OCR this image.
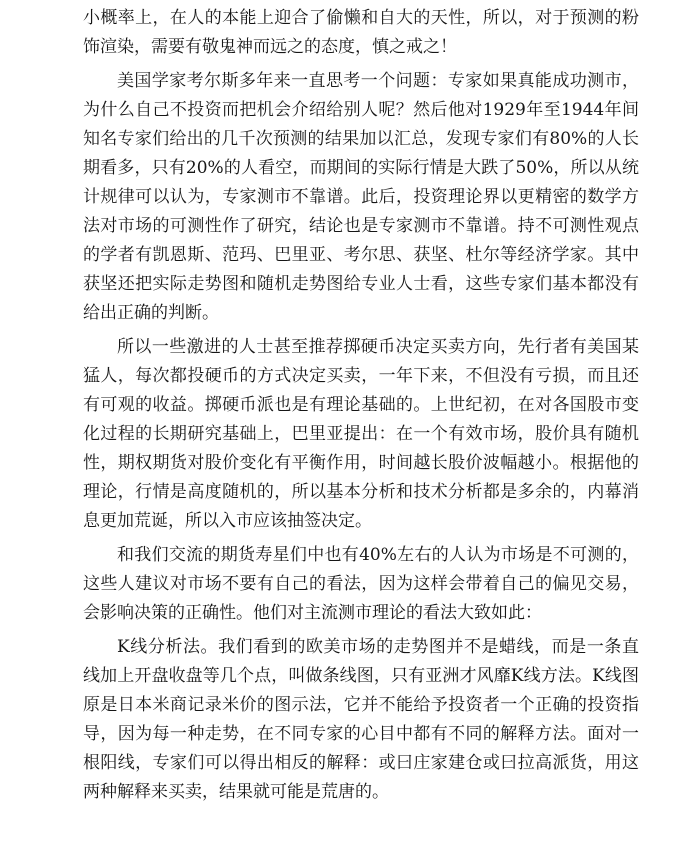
小概率上，在人的本能上迎合了偷懒和自大的天性，所以，对于预测的粉饰渲染，需要有敬鬼神而远之的态度，慎之戒之！

美国学家考尔斯多年来一直思考一个问题：专家如果真能成功测市，为什么自己不投资而把机会介绍给别人呢？然后他对1929年至1944年间知名专家们给出的几千次预测的结果加以汇总，发现专家们有80%的人长期看多，只有20%的人看空，而期间的实际行情是大跌了50%，所以从统计规律可以认为，专家测市不靠谱。此后，投资理论界以更精密的数学方法对市场的可测性作了研究，结论也是专家测市不靠谱。持不可测性观点的学者有凯恩斯、范玛、巴里亚、考尔思、获坚、杜尔等经济学家。其中获坚还把实际走势图和随机走势图给专业人士看，这些专家们基本都没有给出正确的判断。

所以一些激进的人士甚至推荐掷硬币决定买卖方向，先行者有美国某猛人，每次都投硬币的方式决定买卖，一年下来，不但没有亏损，而且还有可观的收益。掷硬币派也是有理论基础的。上世纪初，在对各国股市变化过程的长期研究基础上，巴里亚提出：在一个有效市场，股价具有随机性，期权期货对股价变化有平衡作用，时间越长股价波幅越小。根据他的理论，行情是高度随机的，所以基本分析和技术分析都是多余的，内幕消息更加荒诞，所以入市应该抽签决定。

和我们交流的期货寿星们中也有40%左右的人认为市场是不可测的，这些人建议对市场不要有自己的看法，因为这样会带着自己的偏见交易，会影响决策的正确性。他们对主流测市理论的看法大致如此：

K线分析法。我们看到的欧美市场的走势图并不是蜡线，而是一条直线加上开盘收盘等几个点，叫做条线图，只有亚洲才风靡K线方法。K线图原是日本米商记录米价的图示法，它并不能给予投资者一个正确的投资指导，因为每一种走势，在不同专家的心目中都有不同的解释方法。面对一根阳线，专家们可以得出相反的解释：或曰庄家建仓或曰拉高派货，用这两种解释来买卖，结果就可能是荒唐的。
